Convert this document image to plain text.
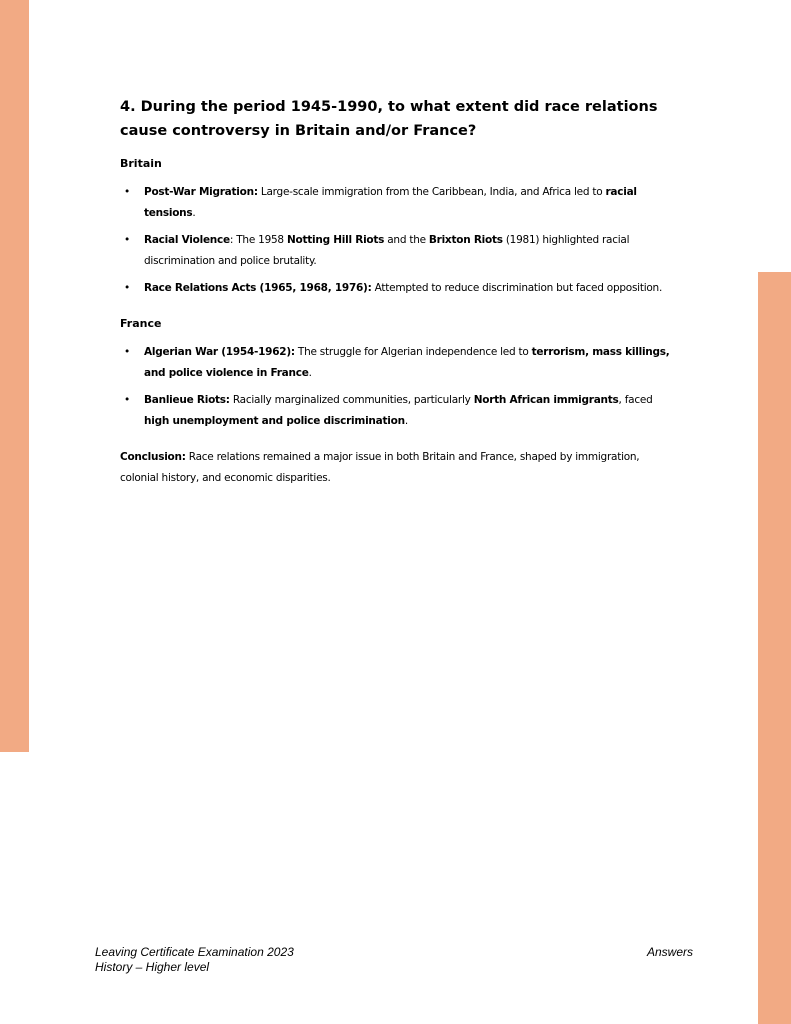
4. During the period 1945-1990, to what extent did race relations cause controversy in Britain and/or France?
Britain
• Post-War Migration: Large-scale immigration from the Caribbean, India, and Africa led to racial tensions.
• Racial Violence: The 1958 Notting Hill Riots and the Brixton Riots (1981) highlighted racial discrimination and police brutality.
• Race Relations Acts (1965, 1968, 1976): Attempted to reduce discrimination but faced opposition.
France
• Algerian War (1954-1962): The struggle for Algerian independence led to terrorism, mass killings, and police violence in France.
• Banlieue Riots: Racially marginalized communities, particularly North African immigrants, faced high unemployment and police discrimination.

Conclusion: Race relations remained a major issue in both Britain and France, shaped by immigration, colonial history, and economic disparities.

Leaving Certificate Examination 2023
History – Higher level
Answers
